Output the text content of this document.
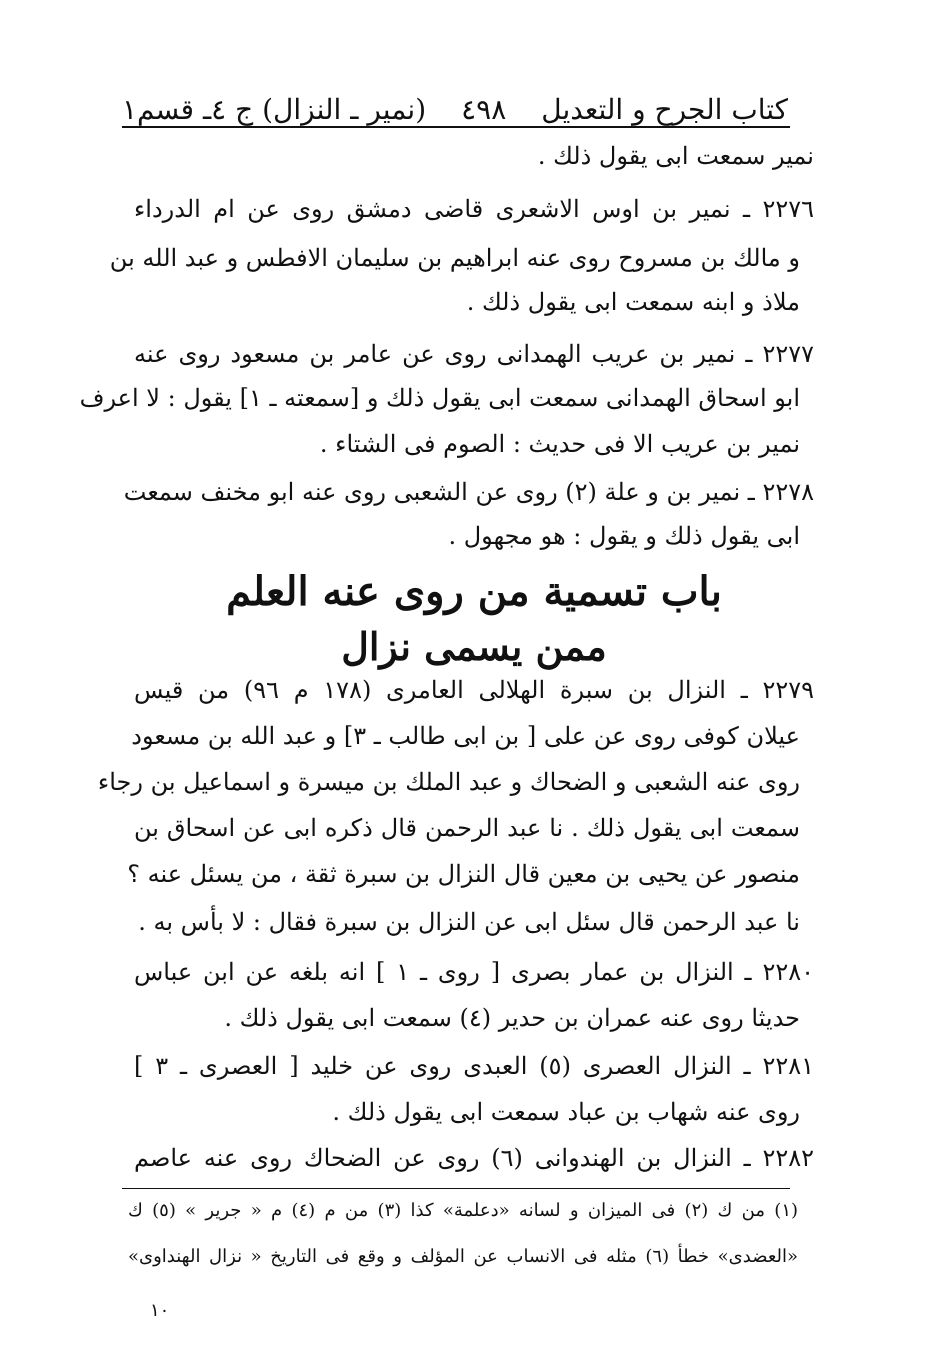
كتاب الجرح و التعديل
٤٩٨
(نمير ـ النزال) ج ٤ـ قسم١
نمير سمعت ابى يقول ذلك .
٢٢٧٦ ـ نمير بن اوس الاشعرى قاضى دمشق روى عن ام الدرداء
و مالك بن مسروح روى عنه ابراهيم بن سليمان الافطس و عبد الله بن
ملاذ و ابنه سمعت ابى يقول ذلك .
٢٢٧٧ ـ نمير بن عريب الهمدانى روى عن عامر بن مسعود روى عنه
ابو اسحاق الهمدانى سمعت ابى يقول ذلك و [سمعته ـ ١] يقول : لا اعرف
نمير بن عريب الا فى حديث : الصوم فى الشتاء .
٢٢٧٨ ـ نمير بن و علة (٢) روى عن الشعبى روى عنه ابو مخنف سمعت
ابى يقول ذلك و يقول : هو مجهول .
باب تسمية من روى عنه العلم
ممن يسمى نزال
٢٢٧٩ ـ النزال بن سبرة الهلالى العامرى (١٧٨ م ٩٦) من قيس
عيلان كوفى روى عن على [ بن ابى طالب ـ ٣] و عبد الله بن مسعود
روى عنه الشعبى و الضحاك و عبد الملك بن ميسرة و اسماعيل بن رجاء
سمعت ابى يقول ذلك . نا عبد الرحمن قال ذكره ابى عن اسحاق بن
منصور عن يحيى بن معين قال النزال بن سبرة ثقة ، من يسئل عنه ؟
نا عبد الرحمن قال سئل ابى عن النزال بن سبرة فقال : لا بأس به .
٢٢٨٠ ـ النزال بن عمار بصرى [ روى ـ ١ ] انه بلغه عن ابن عباس
حديثا روى عنه عمران بن حدير (٤) سمعت ابى يقول ذلك .
٢٢٨١ ـ النزال العصرى (٥) العبدى روى عن خليد [ العصرى ـ ٣ ]
روى عنه شهاب بن عباد سمعت ابى يقول ذلك .
٢٢٨٢ ـ النزال بن الهندوانى (٦) روى عن الضحاك روى عنه عاصم
(١) من ك (٢) فى الميزان و لسانه «دعلمة» كذا (٣) من م (٤) م « جرير » (٥) ك
«العضدى» خطأ (٦) مثله فى الانساب عن المؤلف و وقع فى التاريخ « نزال الهنداوى»
١٠
